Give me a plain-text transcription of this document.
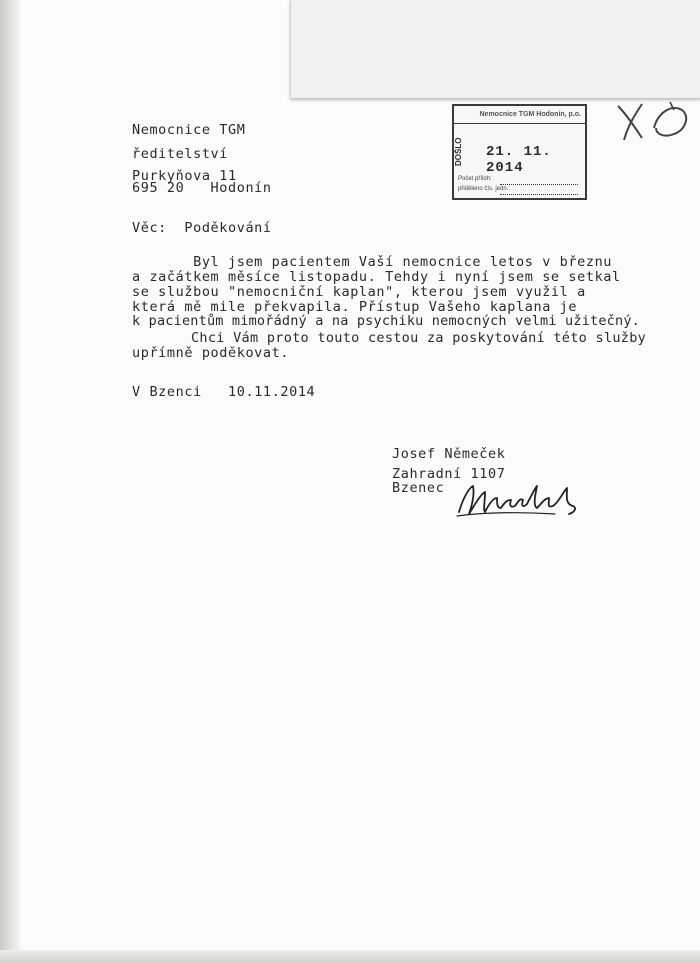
Nemocnice TGM
ředitelství
Purkyňova 11
695 20   Hodonín
Nemocnice TGM Hodonín, p.o.
DOŠLO	21. 11. 2014
Počet příloh:
přiděleno čís. jedn.:
Věc:  Poděkování
Byl jsem pacientem Vaší nemocnice letos v březnu
a začátkem měsíce listopadu. Tehdy i nyní jsem se setkal
se službou "nemocniční kaplan", kterou jsem využil a
která mě mile překvapila. Přístup Vašeho kaplana je
k pacientům mimořádný a na psychiku nemocných velmi užitečný.
Chci Vám proto touto cestou za poskytování této služby
upřímně poděkovat.
V Bzenci   10.11.2014
Josef Němeček
Zahradní 1107
Bzenec
